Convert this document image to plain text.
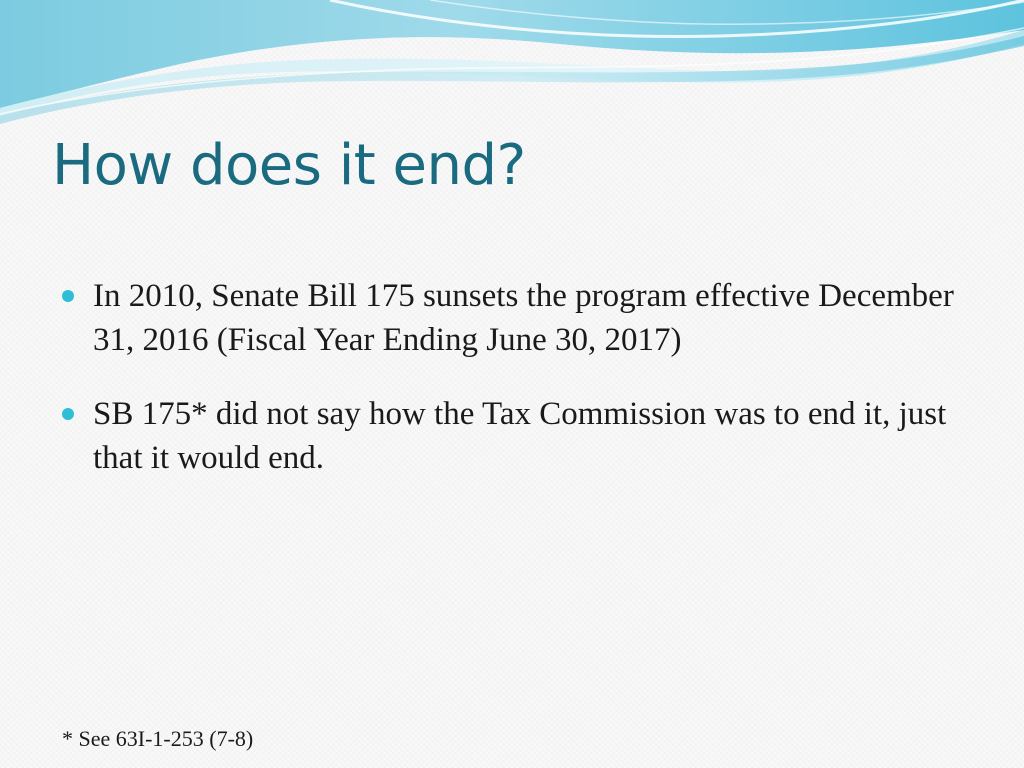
How does it end?
In 2010, Senate Bill 175 sunsets the program effective December 31, 2016 (Fiscal Year Ending June 30, 2017)
SB 175* did not say how the Tax Commission was to end it, just that it would end.

* See 63I-1-253 (7-8)
